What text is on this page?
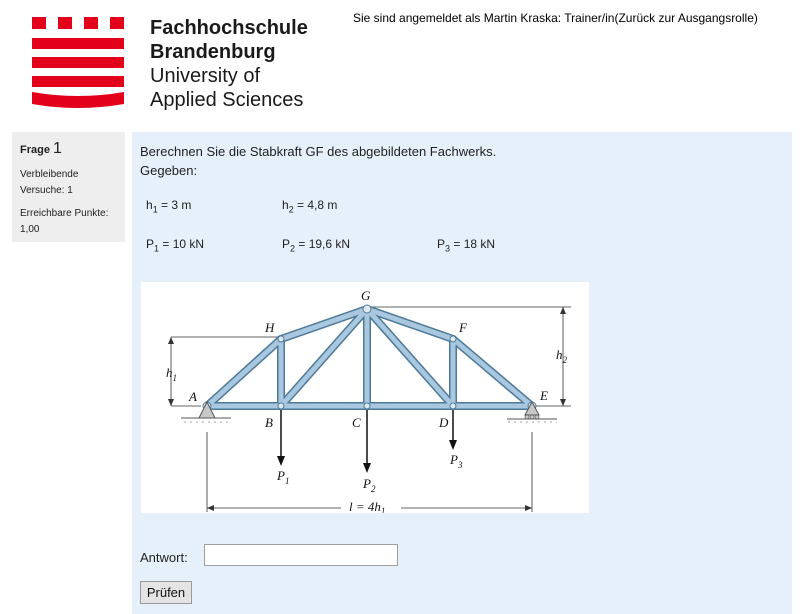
Fachhochschule
Brandenburg
University of
Applied Sciences
Sie sind angemeldet als Martin Kraska: Trainer/in(Zurück zur Ausgangsrolle)
Frage 1
Verbleibende Versuche: 1
Erreichbare Punkte: 1,00
Berechnen Sie die Stabkraft GF des abgebildeten Fachwerks.
Gegeben:
$h_1 = 3$ m	$h_2 = 4,8$ m
$P_1 = 10$ kN	$P_2 = 19,6$ kN	$P_3 = 18$ kN
A
B	C	D
E
F
G
H
$P_1$	$P_2$
$P_3$
$h_1$
$h_2$
$l = 4h_1$
Antwort:
Prüfen
